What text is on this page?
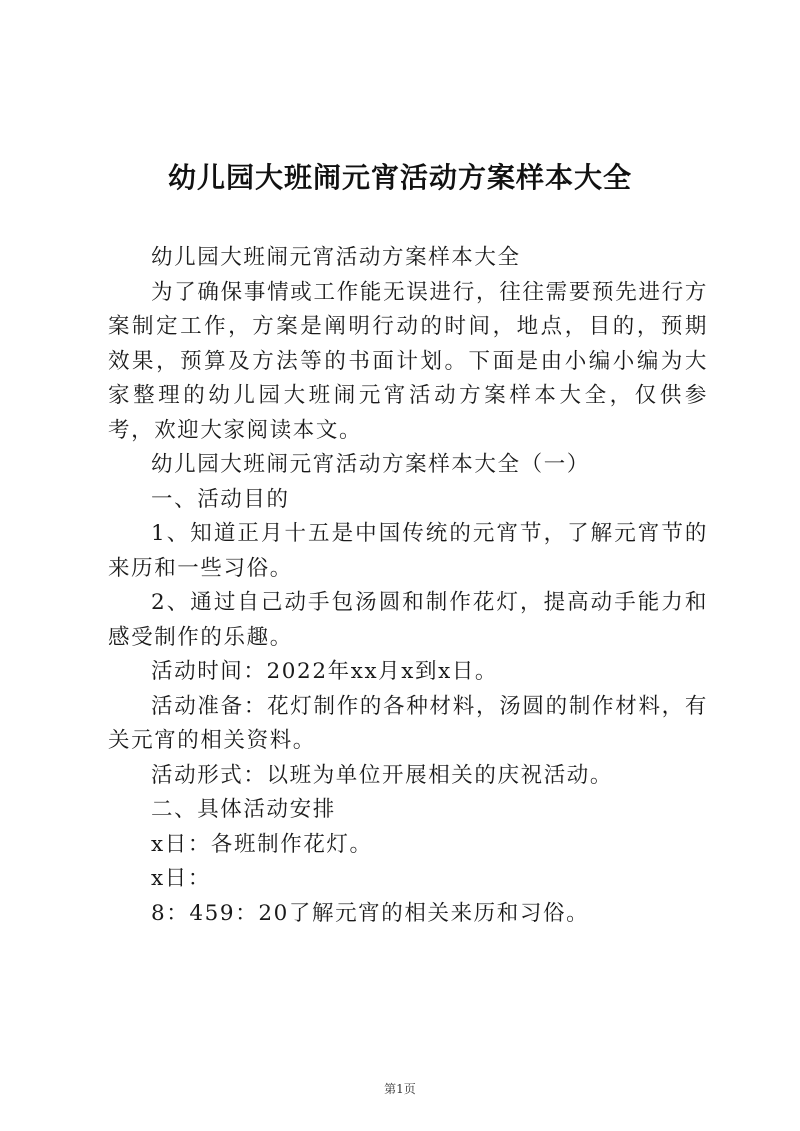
幼儿园大班闹元宵活动方案样本大全

幼儿园大班闹元宵活动方案样本大全

为了确保事情或工作能无误进行，往往需要预先进行方案制定工作，方案是阐明行动的时间，地点，目的，预期效果，预算及方法等的书面计划。下面是由小编小编为大家整理的幼儿园大班闹元宵活动方案样本大全，仅供参考，欢迎大家阅读本文。

幼儿园大班闹元宵活动方案样本大全（一）

一、活动目的

1、知道正月十五是中国传统的元宵节，了解元宵节的来历和一些习俗。

2、通过自己动手包汤圆和制作花灯，提高动手能力和感受制作的乐趣。

活动时间：2022年xx月x到x日。

活动准备：花灯制作的各种材料，汤圆的制作材料，有关元宵的相关资料。

活动形式：以班为单位开展相关的庆祝活动。

二、具体活动安排

x日：各班制作花灯。

x日：

8：459：20了解元宵的相关来历和习俗。

第1页
